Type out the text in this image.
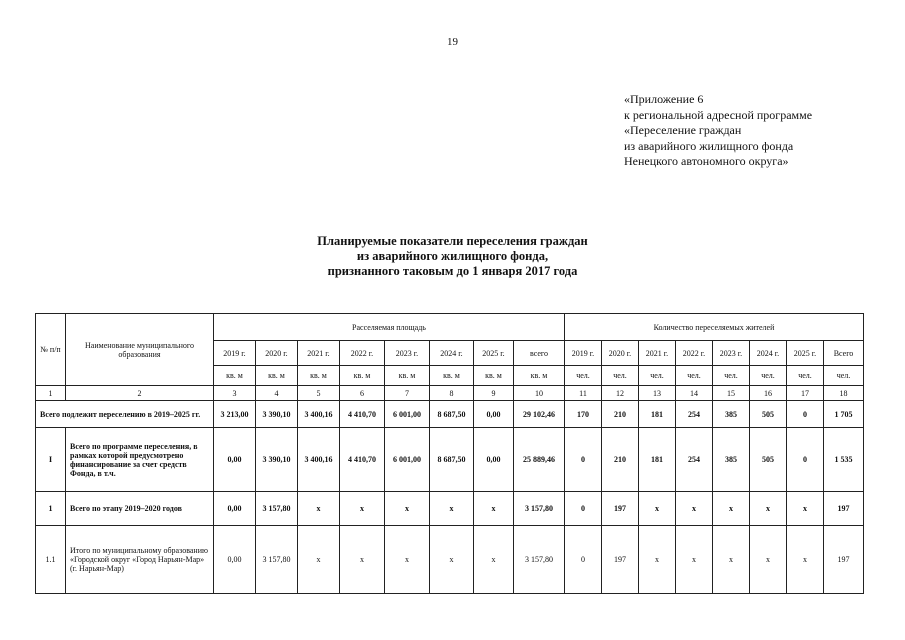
19
«Приложение 6
к региональной адресной программе
«Переселение граждан
из аварийного жилищного фонда
Ненецкого автономного округа»
Планируемые показатели переселения граждан
из аварийного жилищного фонда,
признанного таковым до 1 января 2017 года
№ п/п	Наименование муниципального образования	Расселяемая площадь								Количество переселяемых жителей							
		2019 г.	2020 г.	2021 г.	2022 г.	2023 г.	2024 г.	2025 г.	всего	2019 г.	2020 г.	2021 г.	2022 г.	2023 г.	2024 г.	2025 г.	Всего
		кв. м	кв. м	кв. м	кв. м	кв. м	кв. м	кв. м	кв. м	чел.	чел.	чел.	чел.	чел.	чел.	чел.	чел.
1	2	3	4	5	6	7	8	9	10	11	12	13	14	15	16	17	18
Всего подлежит переселению в 2019–2025 гг.		3 213,00	3 390,10	3 400,16	4 410,70	6 001,00	8 687,50	0,00	29 102,46	170	210	181	254	385	505	0	1 705
I	Всего по программе переселения, в рамках которой предусмотрено финансирование за счет средств Фонда, в т.ч.	0,00	3 390,10	3 400,16	4 410,70	6 001,00	8 687,50	0,00	25 889,46	0	210	181	254	385	505	0	1 535
1	Всего по этапу 2019–2020 годов	0,00	3 157,80	x	x	x	x	x	3 157,80	0	197	x	x	x	x	x	197
1.1	Итого по муниципальному образованию «Городской округ «Город Нарьян-Мар» (г. Нарьян-Мар)	0,00	3 157,80	x	x	x	x	x	3 157,80	0	197	x	x	x	x	x	197
